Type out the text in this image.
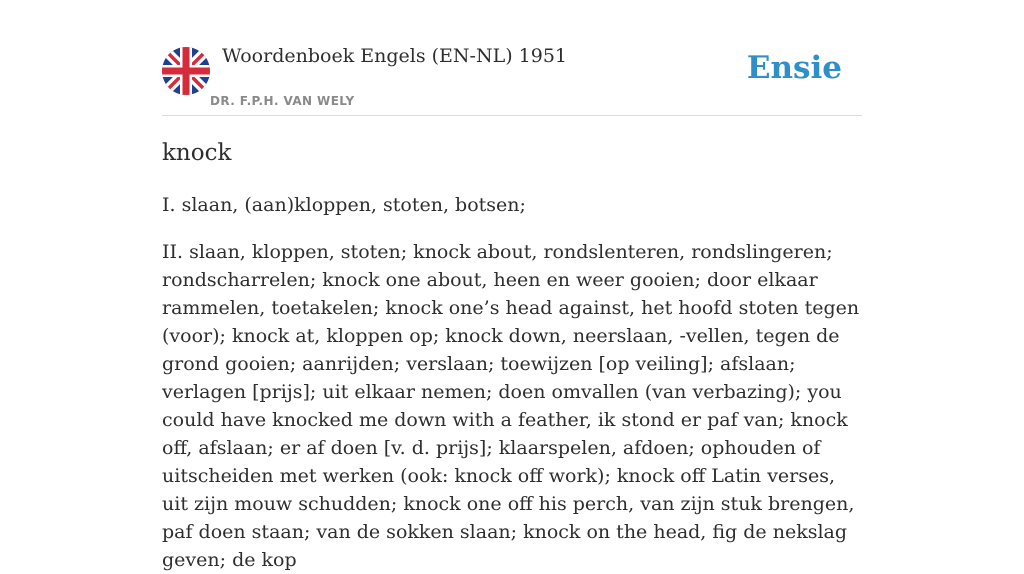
Woordenboek Engels (EN-NL) 1951
DR. F.P.H. VAN WELY
Ensie
knock

I. slaan, (aan)kloppen, stoten, botsen;

II. slaan, kloppen, stoten; knock about, rondslenteren, rondslingeren; rondscharrelen; knock one about, heen en weer gooien; door elkaar rammelen, toetakelen; knock one’s head against, het hoofd stoten tegen (voor); knock at, kloppen op; knock down, neerslaan, -vellen, tegen de grond gooien; aanrijden; verslaan; toewijzen [op veiling]; afslaan; verlagen [prijs]; uit elkaar nemen; doen omvallen (van verbazing); you could have knocked me down with a feather, ik stond er paf van; knock off, afslaan; er af doen [v. d. prijs]; klaarspelen, afdoen; ophouden of uitscheiden met werken (ook: knock off work); knock off Latin verses, uit zijn mouw schudden; knock one off his perch, van zijn stuk brengen, paf doen staan; van de sokken slaan; knock on the head, fig de nekslag geven; de kop
